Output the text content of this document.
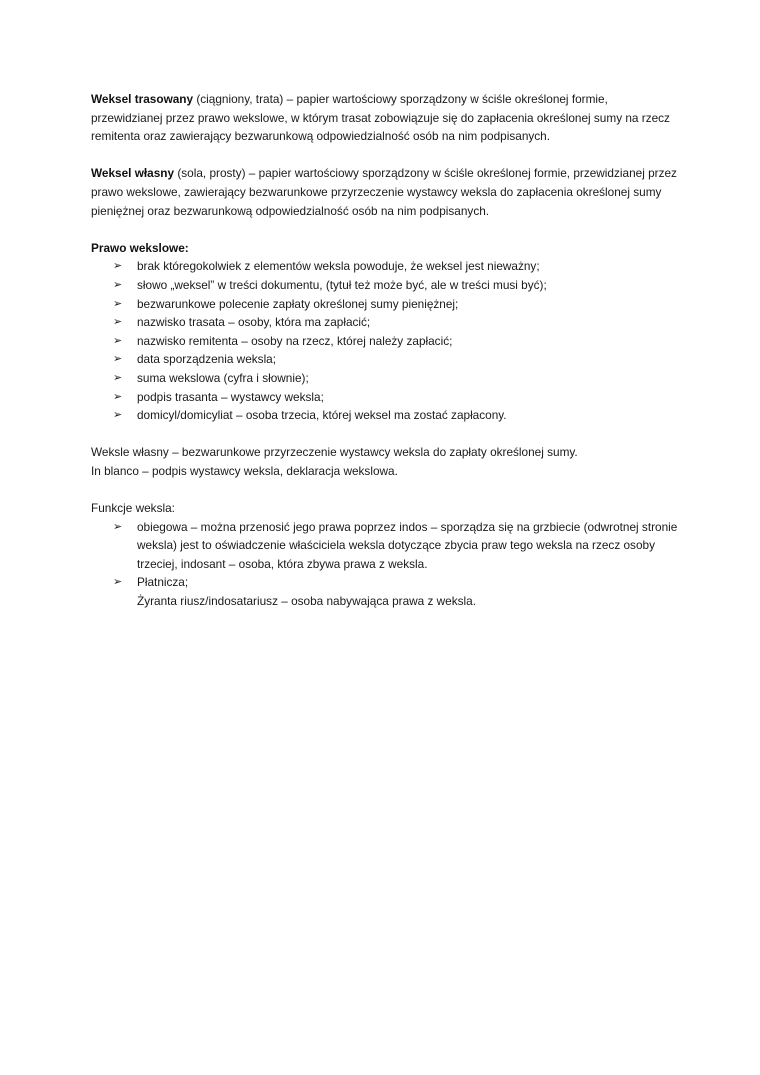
Weksel trasowany (ciągniony, trata) – papier wartościowy sporządzony w ściśle określonej formie, przewidzianej przez prawo wekslowe, w którym trasat zobowiązuje się do zapłacenia określonej sumy na rzecz remitenta oraz zawierający bezwarunkową odpowiedzialność osób na nim podpisanych.

Weksel własny (sola, prosty) – papier wartościowy sporządzony w ściśle określonej formie, przewidzianej przez prawo wekslowe, zawierający bezwarunkowe przyrzeczenie wystawcy weksla do zapłacenia określonej sumy pieniężnej oraz bezwarunkową odpowiedzialność osób na nim podpisanych.

Prawo wekslowe:

➢ brak któregokolwiek z elementów weksla powoduje, że weksel jest nieważny;
➢ słowo „weksel” w treści dokumentu, (tytuł też może być, ale w treści musi być);
➢ bezwarunkowe polecenie zapłaty określonej sumy pieniężnej;
➢ nazwisko trasata – osoby, która ma zapłacić;
➢ nazwisko remitenta – osoby na rzecz, której należy zapłacić;
➢ data sporządzenia weksla;
➢ suma wekslowa (cyfra i słownie);
➢ podpis trasanta – wystawcy weksla;
➢ domicyl/domicyliat – osoba trzecia, której weksel ma zostać zapłacony.

Weksle własny – bezwarunkowe przyrzeczenie wystawcy weksla do zapłaty określonej sumy.

In blanco – podpis wystawcy weksla, deklaracja wekslowa.

Funkcje weksla:

➢ obiegowa – można przenosić jego prawa poprzez indos – sporządza się na grzbiecie (odwrotnej stronie weksla) jest to oświadczenie właściciela weksla dotyczące zbycia praw tego weksla na rzecz osoby trzeciej, indosant – osoba, która zbywa prawa z weksla.
➢ Płatnicza;
Żyranta riusz/indosatariusz – osoba nabywająca prawa z weksla.
